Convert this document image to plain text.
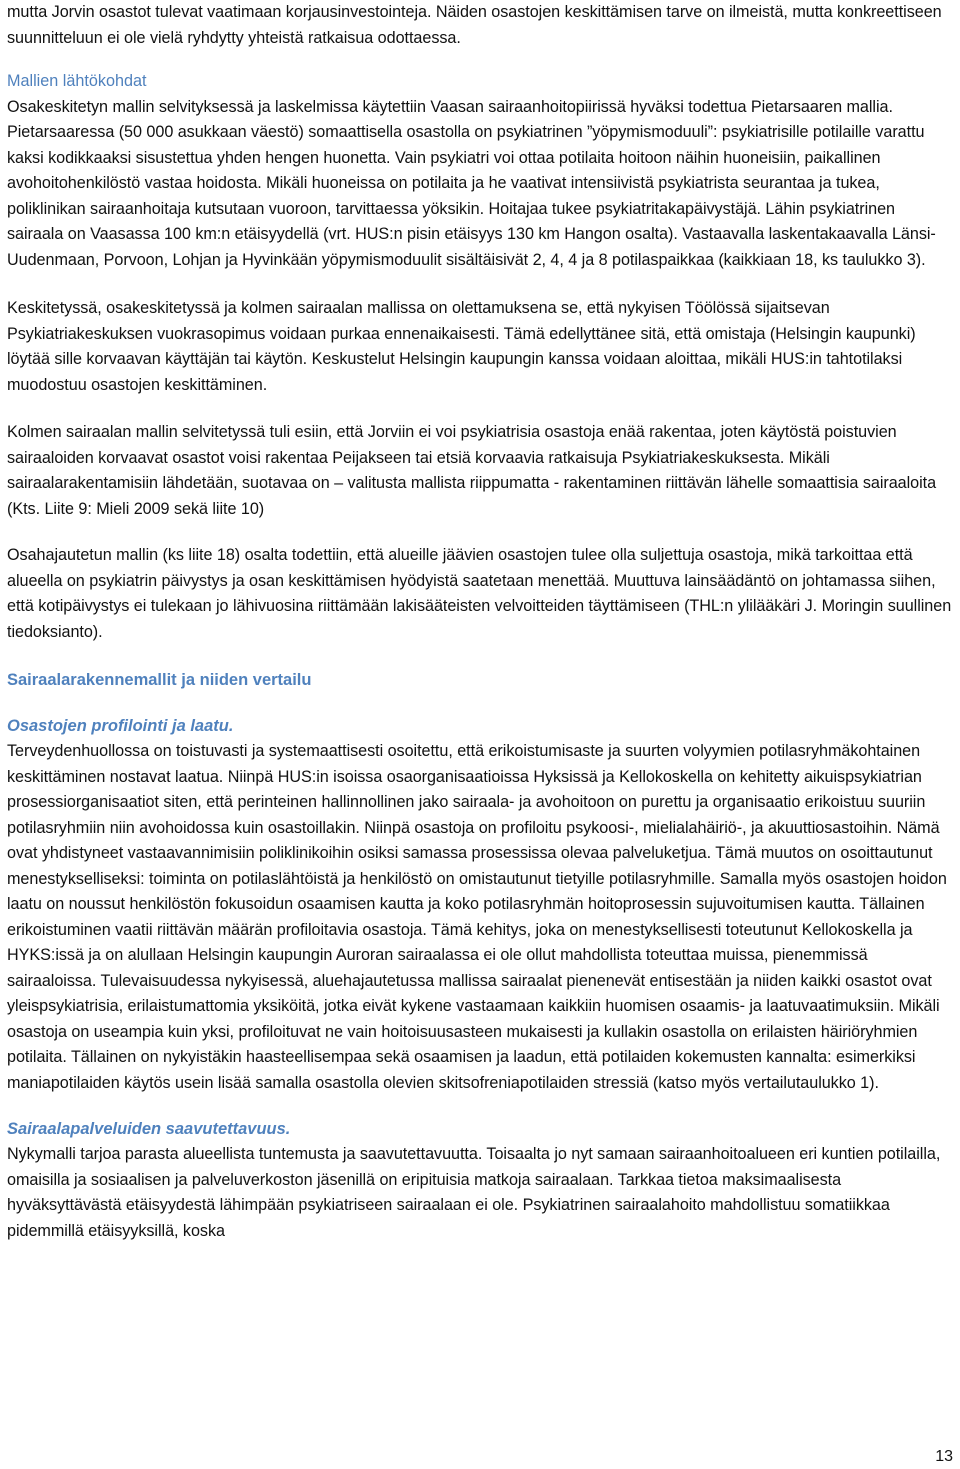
mutta Jorvin osastot tulevat vaatimaan korjausinvestointeja. Näiden osastojen keskittämisen tarve on ilmeistä, mutta konkreettiseen suunnitteluun ei ole vielä ryhdytty yhteistä ratkaisua odottaessa.

Mallien lähtökohdat

Osakeskitetyn mallin selvityksessä ja laskelmissa käytettiin Vaasan sairaanhoitopiirissä hyväksi todettua Pietarsaaren mallia. Pietarsaaressa (50 000 asukkaan väestö) somaattisella osastolla on psykiatrinen ”yöpymismoduuli”: psykiatrisille potilaille varattu kaksi kodikkaaksi sisustettua yhden hengen huonetta. Vain psykiatri voi ottaa potilaita hoitoon näihin huoneisiin, paikallinen avohoitohenkilöstö vastaa hoidosta. Mikäli huoneissa on potilaita ja he vaativat intensiivistä psykiatrista seurantaa ja tukea, poliklinikan sairaanhoitaja kutsutaan vuoroon, tarvittaessa yöksikin. Hoitajaa tukee psykiatritakapäivystäjä. Lähin psykiatrinen sairaala on Vaasassa 100 km:n etäisyydellä (vrt. HUS:n pisin etäisyys 130 km Hangon osalta). Vastaavalla laskentakaavalla Länsi-Uudenmaan, Porvoon, Lohjan ja Hyvinkään yöpymismoduulit sisältäisivät 2, 4, 4 ja 8 potilaspaikkaa (kaikkiaan 18, ks taulukko 3).

Keskitetyssä, osakeskitetyssä ja kolmen sairaalan mallissa on olettamuksena se, että nykyisen Töölössä sijaitsevan Psykiatriakeskuksen vuokrasopimus voidaan purkaa ennenaikaisesti. Tämä edellyttänee sitä, että omistaja (Helsingin kaupunki) löytää sille korvaavan käyttäjän tai käytön. Keskustelut Helsingin kaupungin kanssa voidaan aloittaa, mikäli HUS:in tahtotilaksi muodostuu osastojen keskittäminen.

Kolmen sairaalan mallin selvitetyssä tuli esiin, että Jorviin ei voi psykiatrisia osastoja enää rakentaa, joten käytöstä poistuvien sairaaloiden korvaavat osastot voisi rakentaa Peijakseen tai etsiä korvaavia ratkaisuja Psykiatriakeskuksesta. Mikäli sairaalarakentamisiin lähdetään, suotavaa on – valitusta mallista riippumatta - rakentaminen riittävän lähelle somaattisia sairaaloita (Kts. Liite 9: Mieli 2009 sekä liite 10)

Osahajautetun mallin (ks liite 18) osalta todettiin, että alueille jäävien osastojen tulee olla suljettuja osastoja, mikä tarkoittaa että alueella on psykiatrin päivystys ja osan keskittämisen hyödyistä saatetaan menettää. Muuttuva lainsäädäntö on johtamassa siihen, että kotipäivystys ei tulekaan jo lähivuosina riittämään lakisääteisten velvoitteiden täyttämiseen (THL:n ylilääkäri J. Moringin suullinen tiedoksianto).

Sairaalarakennemallit ja niiden vertailu

Osastojen profilointi ja laatu.

Terveydenhuollossa on toistuvasti ja systemaattisesti osoitettu, että erikoistumisaste ja suurten volyymien potilasryhmäkohtainen keskittäminen nostavat laatua. Niinpä HUS:in isoissa osaorganisaatioissa Hyksissä ja Kellokoskella on kehitetty aikuispsykiatrian prosessiorganisaatiot siten, että perinteinen hallinnollinen jako sairaala- ja avohoitoon on purettu ja organisaatio erikoistuu suuriin potilasryhmiin niin avohoidossa kuin osastoillakin. Niinpä osastoja on profiloitu psykoosi-, mielialahäiriö-, ja akuuttiosastoihin. Nämä ovat yhdistyneet vastaavannimisiin poliklinikoihin osiksi samassa prosessissa olevaa palveluketjua. Tämä muutos on osoittautunut menestykselliseksi: toiminta on potilaslähtöistä ja henkilöstö on omistautunut tietyille potilasryhmille. Samalla myös osastojen hoidon laatu on noussut henkilöstön fokusoidun osaamisen kautta ja koko potilasryhmän hoitoprosessin sujuvoitumisen kautta. Tällainen erikoistuminen vaatii riittävän määrän profiloitavia osastoja. Tämä kehitys, joka on menestyksellisesti toteutunut Kellokoskella ja HYKS:issä ja on alullaan Helsingin kaupungin Auroran sairaalassa ei ole ollut mahdollista toteuttaa muissa, pienemmissä sairaaloissa. Tulevaisuudessa nykyisessä, aluehajautetussa mallissa sairaalat pienenevät entisestään ja niiden kaikki osastot ovat yleispsykiatrisia, erilaistumattomia yksiköitä, jotka eivät kykene vastaamaan kaikkiin huomisen osaamis- ja laatuvaatimuksiin. Mikäli osastoja on useampia kuin yksi, profiloituvat ne vain hoitoisuusasteen mukaisesti ja kullakin osastolla on erilaisten häiriöryhmien potilaita. Tällainen on nykyistäkin haasteellisempaa sekä osaamisen ja laadun, että potilaiden kokemusten kannalta: esimerkiksi maniapotilaiden käytös usein lisää samalla osastolla olevien skitsofreniapotilaiden stressiä (katso myös vertailutaulukko 1).

Sairaalapalveluiden saavutettavuus.

Nykymalli tarjoa parasta alueellista tuntemusta ja saavutettavuutta. Toisaalta jo nyt samaan sairaanhoitoalueen eri kuntien potilailla, omaisilla ja sosiaalisen ja palveluverkoston jäsenillä on eripituisia matkoja sairaalaan. Tarkkaa tietoa maksimaalisesta hyväksyttävästä etäisyydestä lähimpään psykiatriseen sairaalaan ei ole. Psykiatrinen sairaalahoito mahdollistuu somatiikkaa pidemmillä etäisyyksillä, koska

13
